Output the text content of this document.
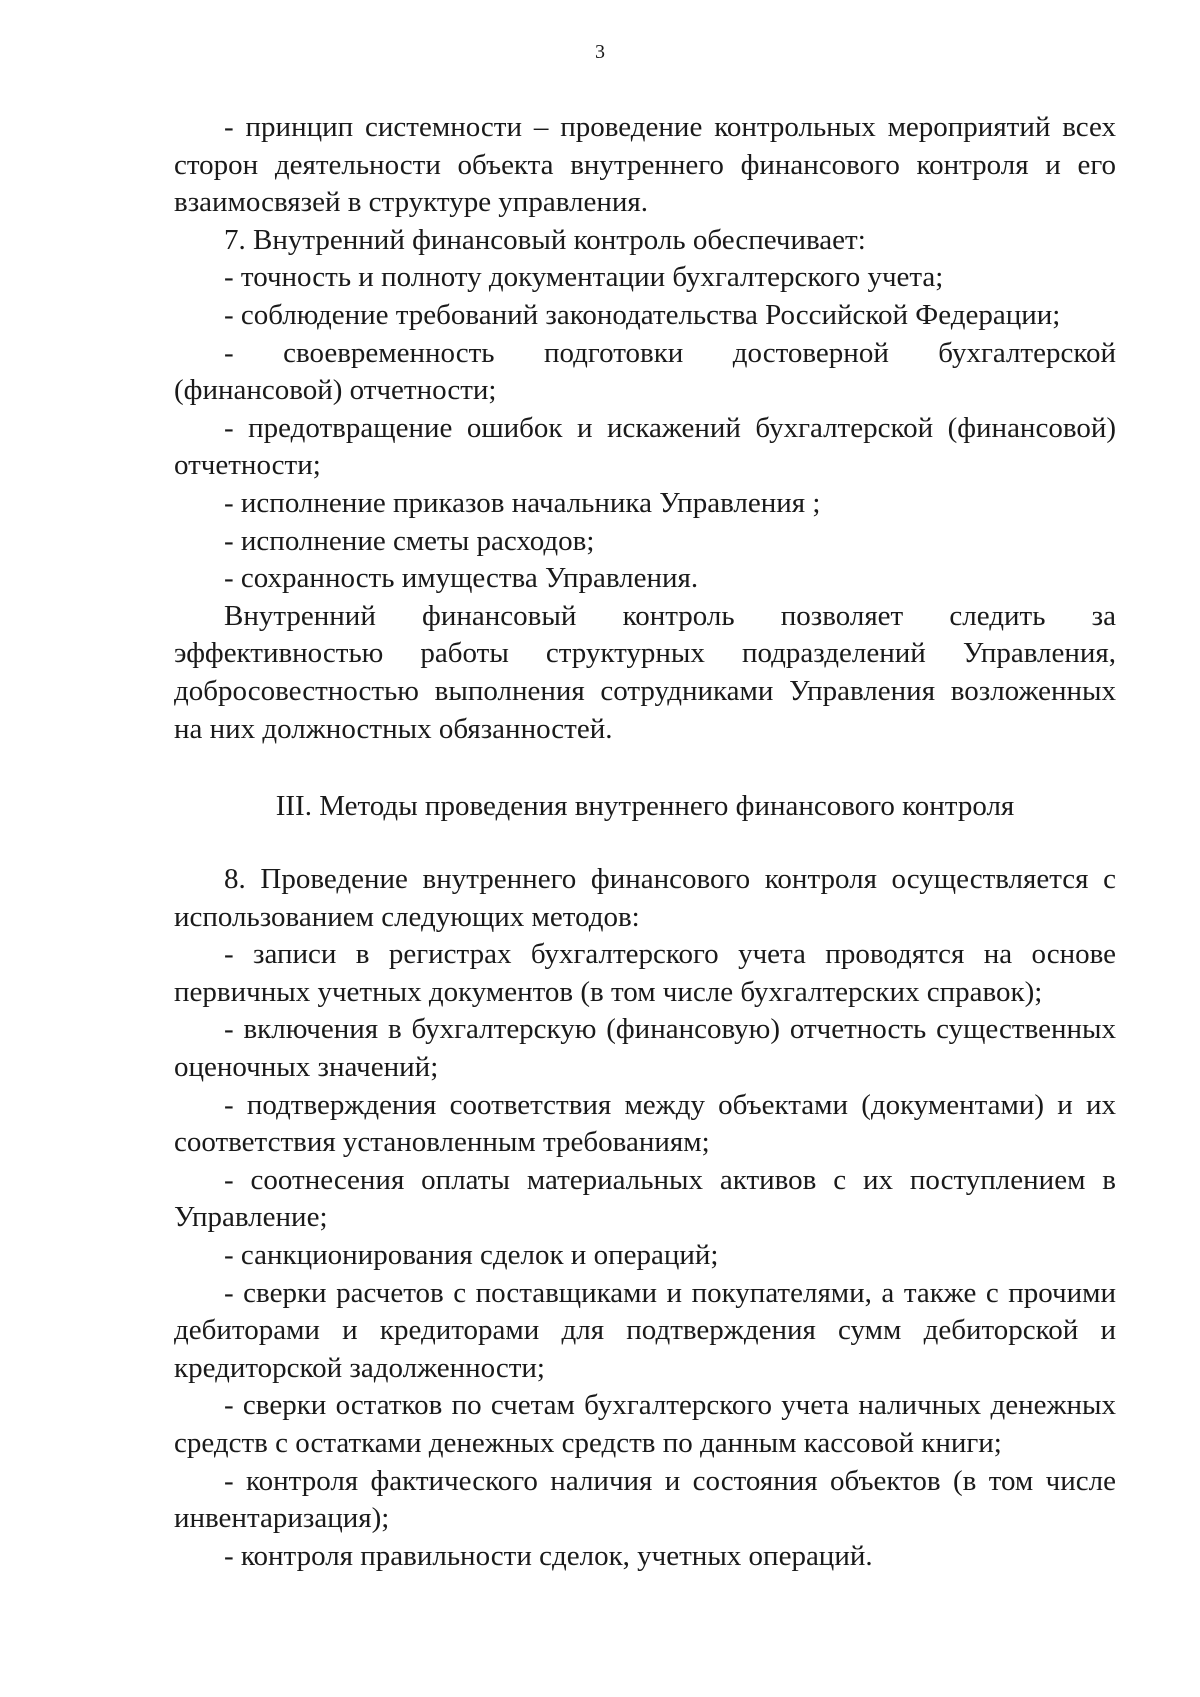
3

- принцип системности – проведение контрольных мероприятий всех сторон деятельности объекта внутреннего финансового контроля и его взаимосвязей в структуре управления.

7. Внутренний финансовый контроль обеспечивает:

- точность и полноту документации бухгалтерского учета;

- соблюдение требований законодательства Российской Федерации;

- своевременность подготовки достоверной бухгалтерской (финансовой) отчетности;

- предотвращение ошибок и искажений бухгалтерской (финансовой) отчетности;

- исполнение приказов начальника Управления ;

- исполнение сметы расходов;

- сохранность имущества Управления.

Внутренний финансовый контроль позволяет следить за эффективностью работы структурных подразделений Управления, добросовестностью выполнения сотрудниками Управления возложенных на них должностных обязанностей.

III. Методы проведения внутреннего финансового контроля

8. Проведение внутреннего финансового контроля осуществляется с использованием следующих методов:

- записи в регистрах бухгалтерского учета проводятся на основе первичных учетных документов (в том числе бухгалтерских справок);

- включения в бухгалтерскую (финансовую) отчетность существенных оценочных значений;

- подтверждения соответствия между объектами (документами) и их соответствия установленным требованиям;

- соотнесения оплаты материальных активов с их поступлением в Управление;

- санкционирования сделок и операций;

- сверки расчетов с поставщиками и покупателями, а также с прочими дебиторами и кредиторами для подтверждения сумм дебиторской и кредиторской задолженности;

- сверки остатков по счетам бухгалтерского учета наличных денежных средств с остатками денежных средств по данным кассовой книги;

- контроля фактического наличия и состояния объектов (в том числе инвентаризация);

- контроля правильности сделок, учетных операций.
